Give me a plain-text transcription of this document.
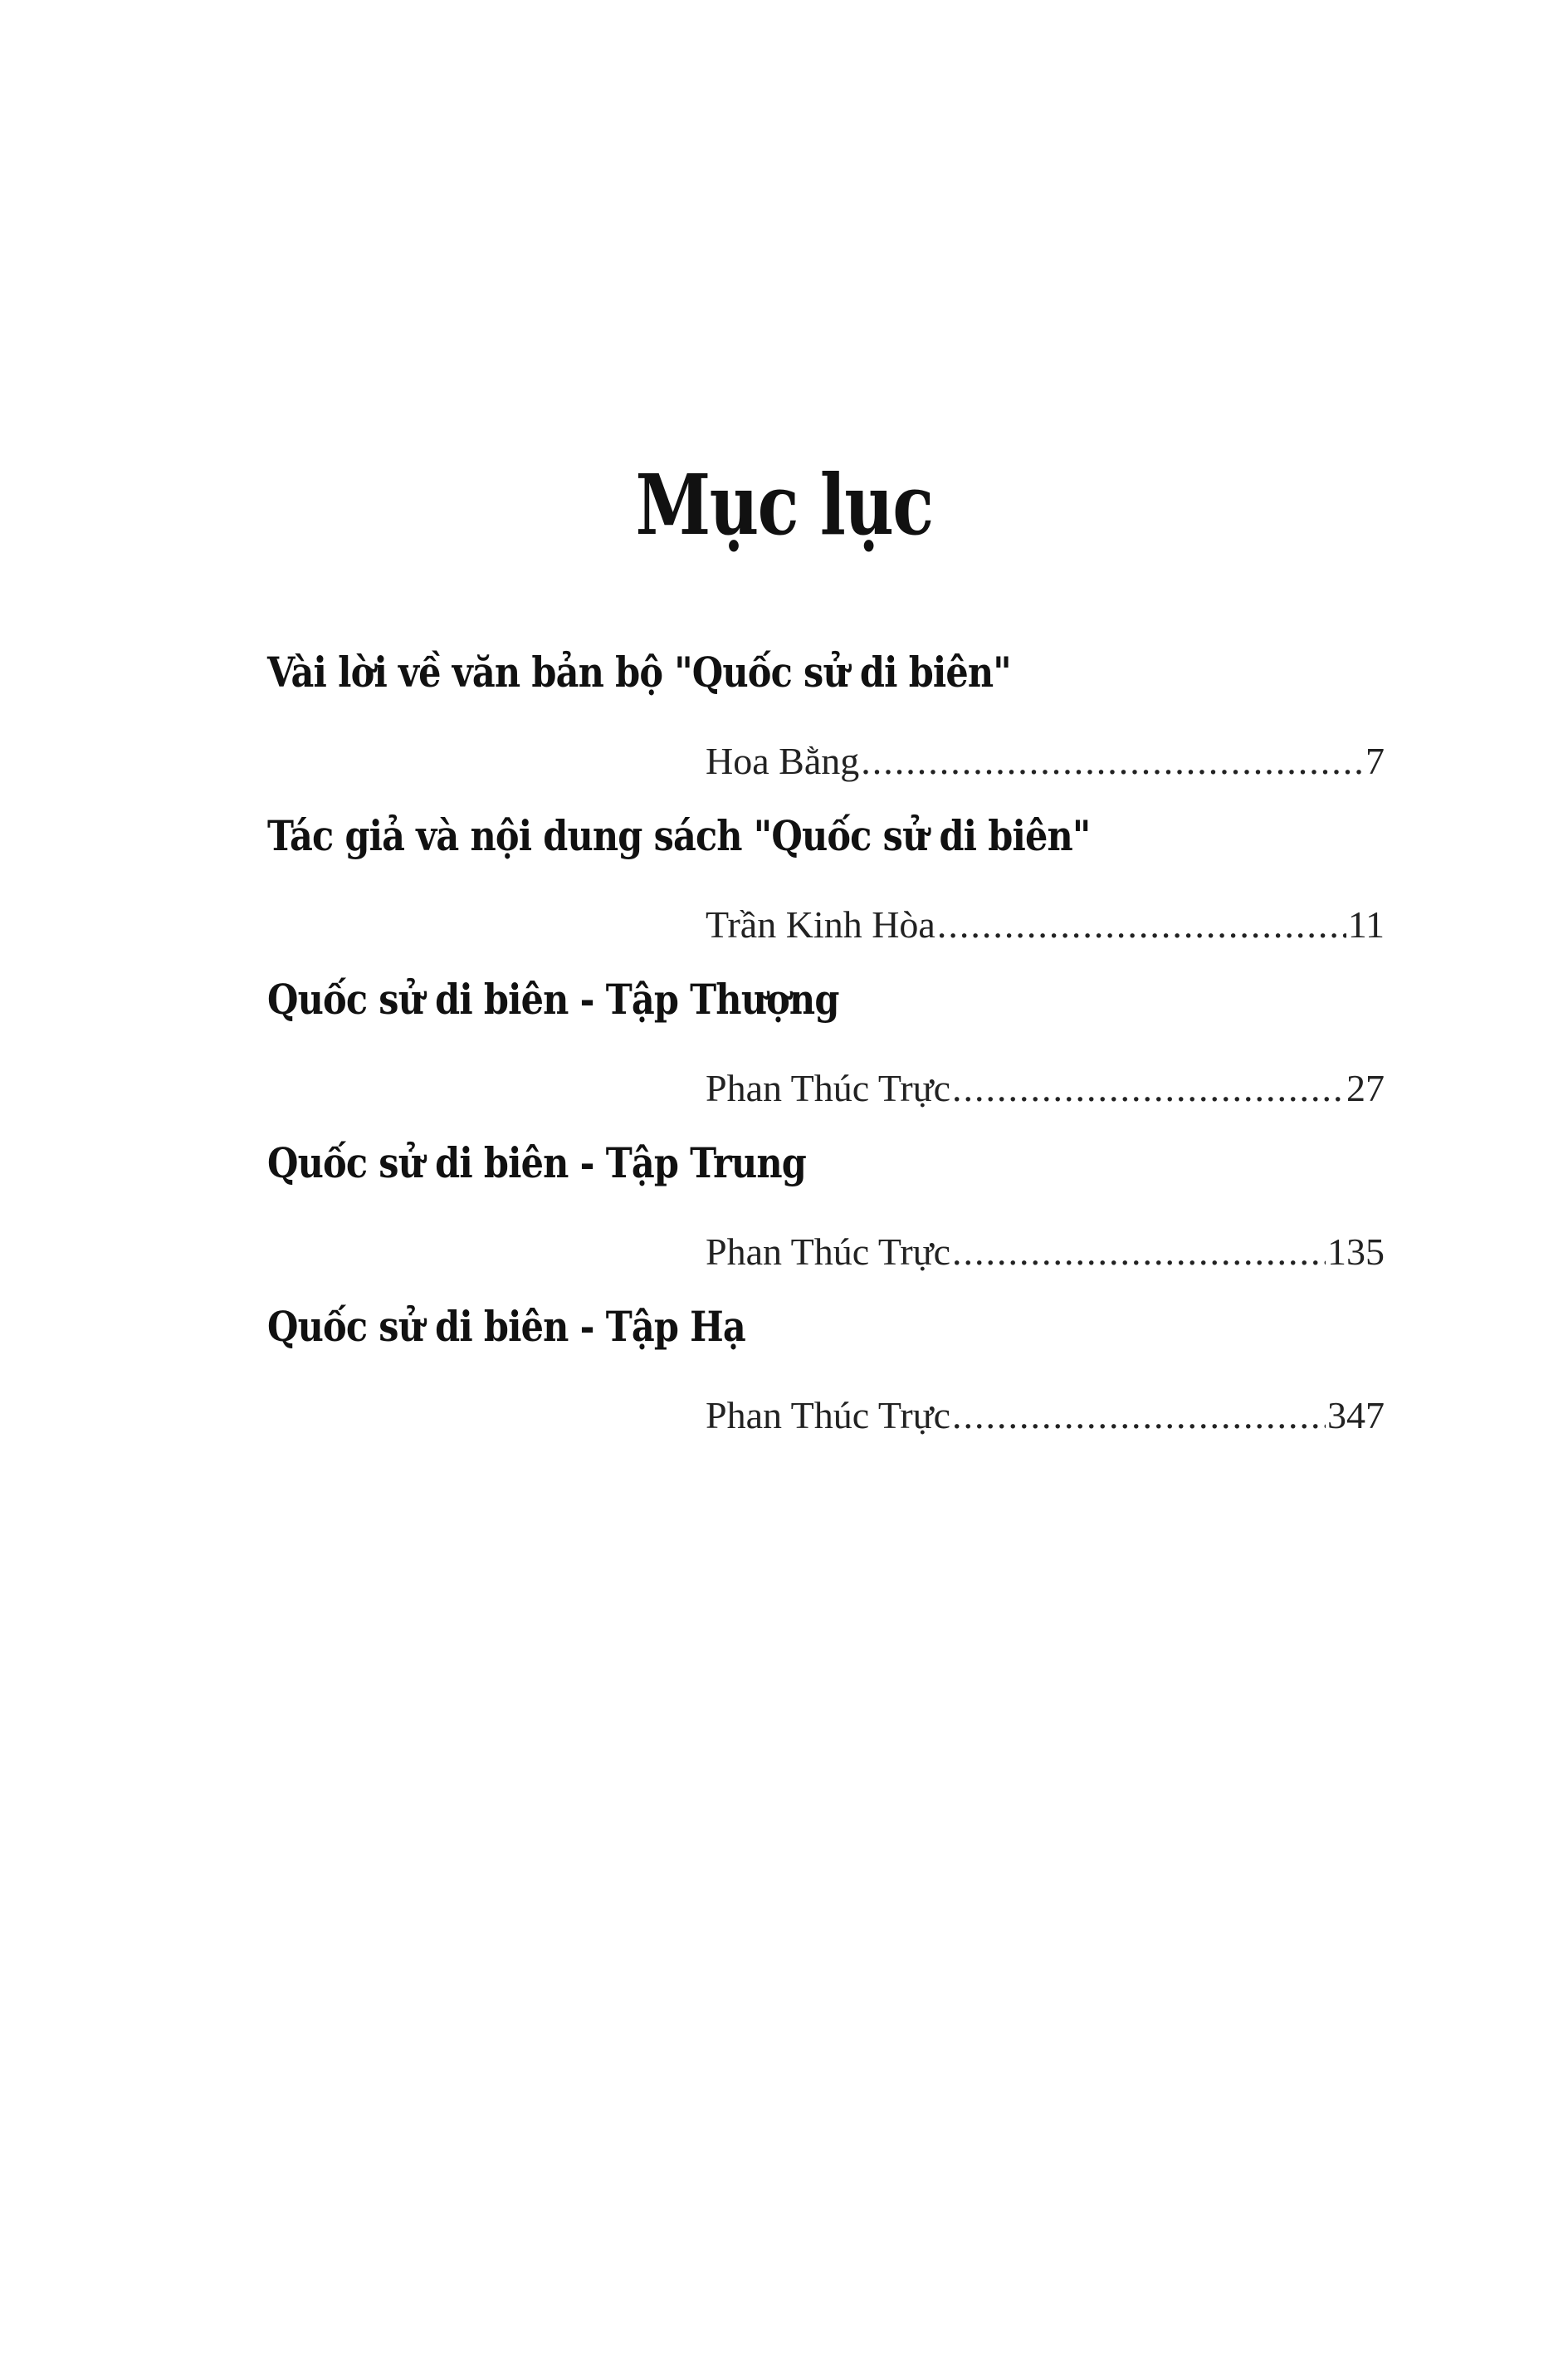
Mục lục
Vài lời về văn bản bộ "Quốc sử di biên"
Hoa Bằng .....	7
Tác giả và nội dung sách "Quốc sử di biên"
Trần Kinh Hòa .....	11
Quốc sử di biên - Tập Thượng
Phan Thúc Trực .....	27
Quốc sử di biên - Tập Trung
Phan Thúc Trực .....	135
Quốc sử di biên - Tập Hạ
Phan Thúc Trực .....	347
